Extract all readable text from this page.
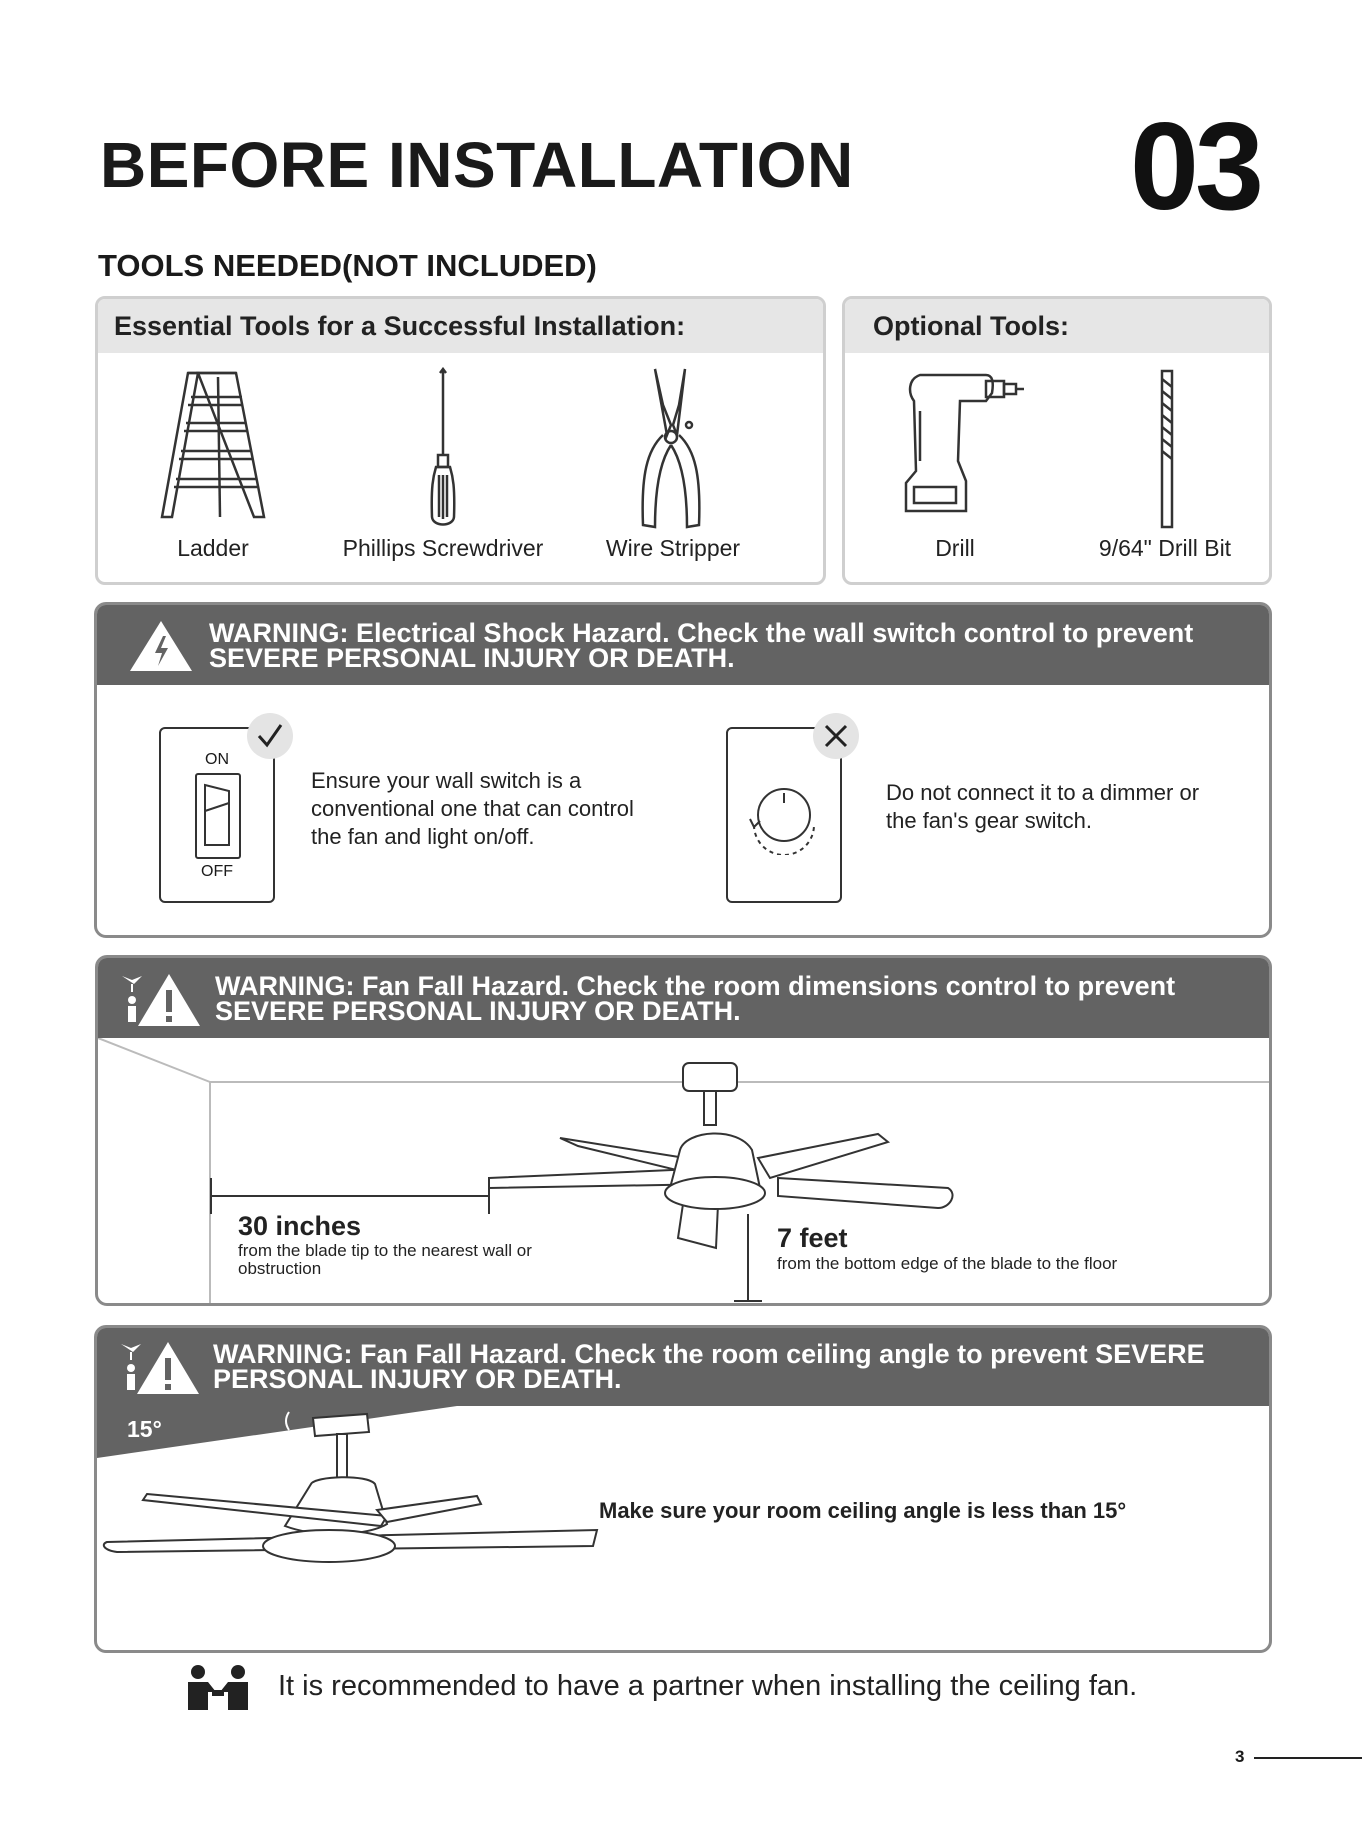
BEFORE INSTALLATION 03
TOOLS NEEDED(NOT INCLUDED)
Essential Tools for a Successful Installation:
Ladder	Phillips Screwdriver	Wire Stripper
Optional Tools:
Drill	9/64" Drill Bit
WARNING: Electrical Shock Hazard. Check the wall switch control to prevent
SEVERE PERSONAL INJURY OR DEATH.
ON
OFF
Ensure your wall switch is a conventional one that can control the fan and light on/off.
Do not connect it to a dimmer or the fan's gear switch.
WARNING: Fan Fall Hazard. Check the room dimensions control to prevent
SEVERE PERSONAL INJURY OR DEATH.
30 inches
from the blade tip to the nearest wall or obstruction
7 feet
from the bottom edge of the blade to the floor
WARNING: Fan Fall Hazard. Check the room ceiling angle to prevent SEVERE
PERSONAL INJURY OR DEATH.
15°
Make sure your room ceiling angle is less than 15°
It is recommended to have a partner when installing the ceiling fan.
3
